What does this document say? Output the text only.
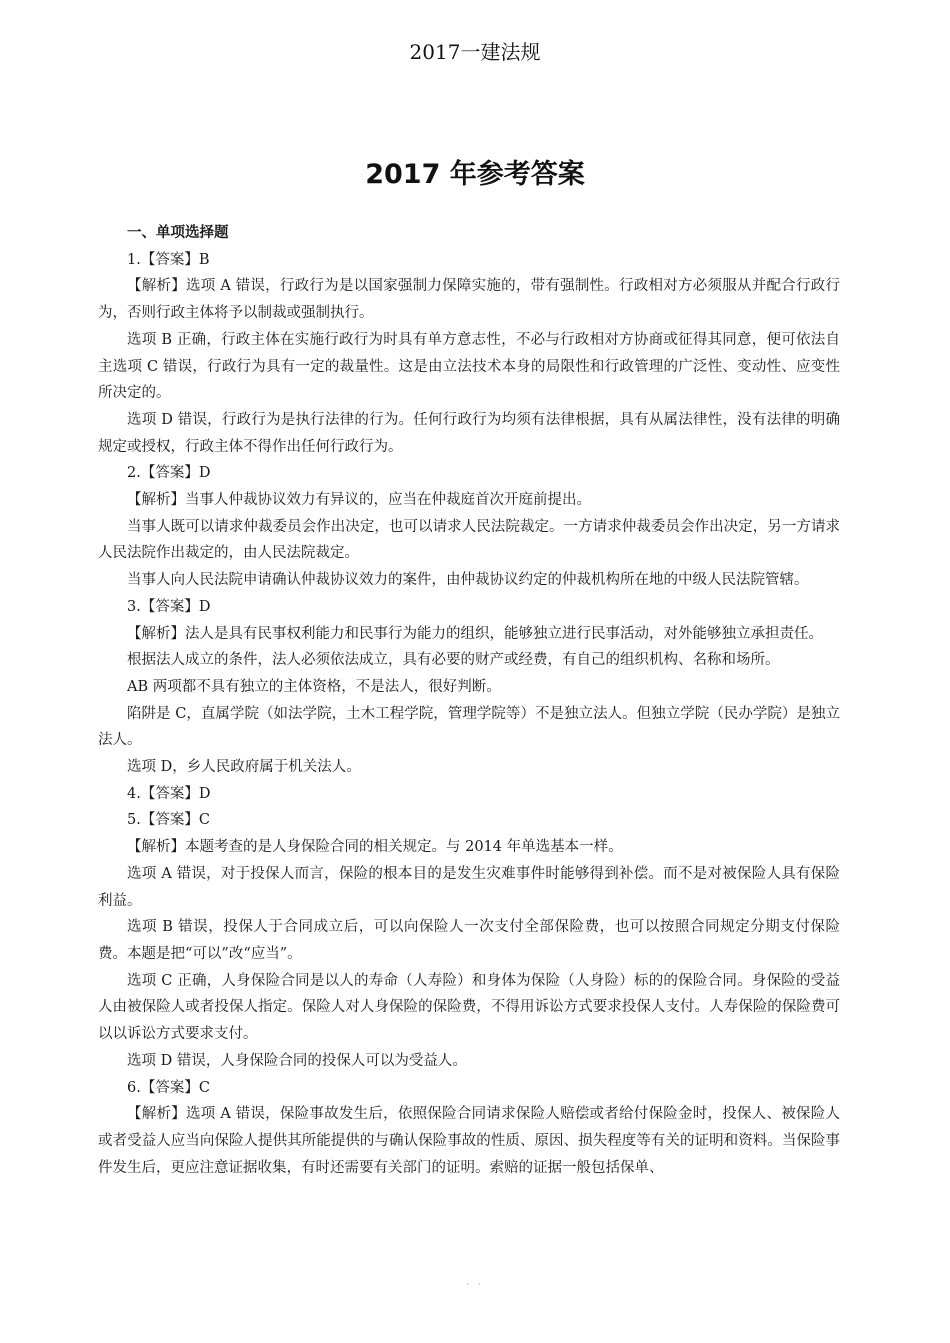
2017一建法规
2017 年参考答案

一、单项选择题

1.【答案】B

【解析】选项 A 错误，行政行为是以国家强制力保障实施的，带有强制性。行政相对方必须服从并配合行政行为，否则行政主体将予以制裁或强制执行。

选项 B 正确，行政主体在实施行政行为时具有单方意志性，不必与行政相对方协商或征得其同意，便可依法自主选项 C 错误，行政行为具有一定的裁量性。这是由立法技术本身的局限性和行政管理的广泛性、变动性、应变性所决定的。

选项 D 错误，行政行为是执行法律的行为。任何行政行为均须有法律根据，具有从属法律性，没有法律的明确规定或授权，行政主体不得作出任何行政行为。

2.【答案】D

【解析】当事人仲裁协议效力有异议的，应当在仲裁庭首次开庭前提出。

当事人既可以请求仲裁委员会作出决定，也可以请求人民法院裁定。一方请求仲裁委员会作出决定，另一方请求人民法院作出裁定的，由人民法院裁定。

当事人向人民法院申请确认仲裁协议效力的案件，由仲裁协议约定的仲裁机构所在地的中级人民法院管辖。

3.【答案】D

【解析】法人是具有民事权利能力和民事行为能力的组织，能够独立进行民事活动，对外能够独立承担责任。

根据法人成立的条件，法人必须依法成立，具有必要的财产或经费，有自己的组织机构、名称和场所。

AB 两项都不具有独立的主体资格，不是法人，很好判断。

陷阱是 C，直属学院（如法学院，土木工程学院，管理学院等）不是独立法人。但独立学院（民办学院）是独立法人。

选项 D，乡人民政府属于机关法人。

4.【答案】D

5.【答案】C

【解析】本题考查的是人身保险合同的相关规定。与 2014 年单选基本一样。

选项 A 错误，对于投保人而言，保险的根本目的是发生灾难事件时能够得到补偿。而不是对被保险人具有保险利益。

选项 B 错误，投保人于合同成立后，可以向保险人一次支付全部保险费，也可以按照合同规定分期支付保险费。本题是把“可以”改“应当”。

选项 C 正确，人身保险合同是以人的寿命（人寿险）和身体为保险（人身险）标的的保险合同。身保险的受益人由被保险人或者投保人指定。保险人对人身保险的保险费，不得用诉讼方式要求投保人支付。人寿保险的保险费可以以诉讼方式要求支付。

选项 D 错误，人身保险合同的投保人可以为受益人。

6.【答案】C

【解析】选项 A 错误，保险事故发生后，依照保险合同请求保险人赔偿或者给付保险金时，投保人、被保险人或者受益人应当向保险人提供其所能提供的与确认保险事故的性质、原因、损失程度等有关的证明和资料。当保险事件发生后，更应注意证据收集，有时还需要有关部门的证明。索赔的证据一般包括保单、

· ·
